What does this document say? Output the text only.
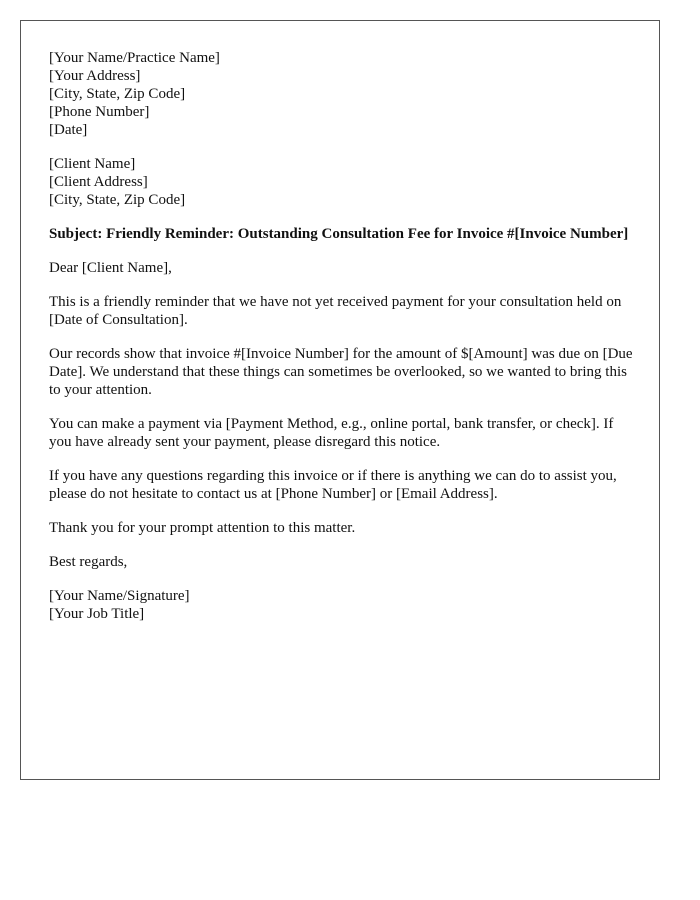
[Your Name/Practice Name]
[Your Address]
[City, State, Zip Code]
[Phone Number]
[Date]
[Client Name]
[Client Address]
[City, State, Zip Code]
Subject: Friendly Reminder: Outstanding Consultation Fee for Invoice #[Invoice Number]

Dear [Client Name],

This is a friendly reminder that we have not yet received payment for your consultation held on [Date of Consultation].

Our records show that invoice #[Invoice Number] for the amount of $[Amount] was due on [Due Date]. We understand that these things can sometimes be overlooked, so we wanted to bring this to your attention.

You can make a payment via [Payment Method, e.g., online portal, bank transfer, or check]. If you have already sent your payment, please disregard this notice.

If you have any questions regarding this invoice or if there is anything we can do to assist you, please do not hesitate to contact us at [Phone Number] or [Email Address].

Thank you for your prompt attention to this matter.

Best regards,

[Your Name/Signature]
[Your Job Title]
